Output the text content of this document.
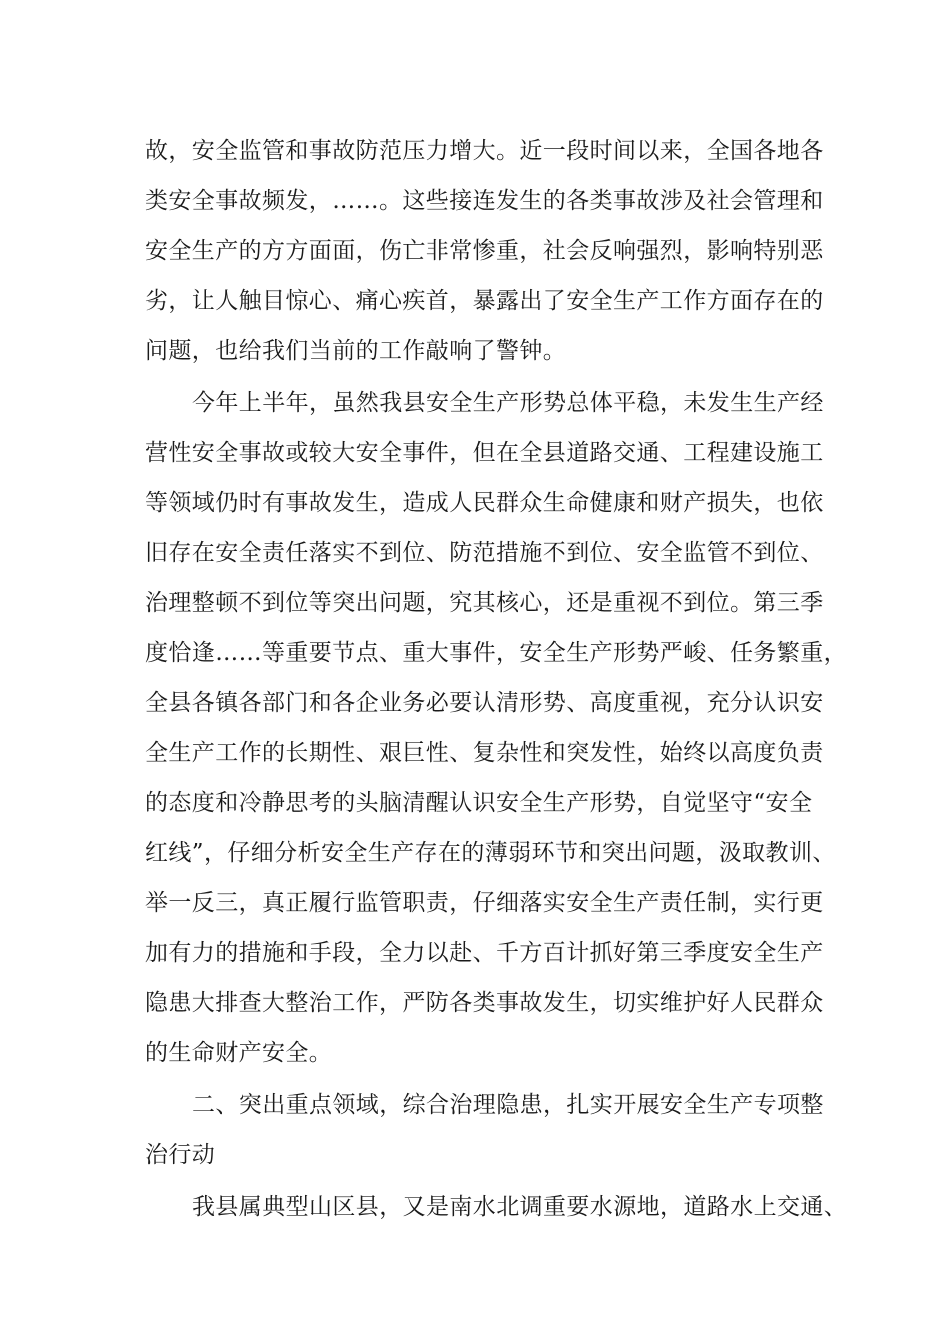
故，安全监管和事故防范压力增大。近一段时间以来，全国各地各
类安全事故频发，……。这些接连发生的各类事故涉及社会管理和
安全生产的方方面面，伤亡非常惨重，社会反响强烈，影响特别恶
劣，让人触目惊心、痛心疾首，暴露出了安全生产工作方面存在的
问题，也给我们当前的工作敲响了警钟。
今年上半年，虽然我县安全生产形势总体平稳，未发生生产经
营性安全事故或较大安全事件，但在全县道路交通、工程建设施工
等领域仍时有事故发生，造成人民群众生命健康和财产损失，也依
旧存在安全责任落实不到位、防范措施不到位、安全监管不到位、
治理整顿不到位等突出问题，究其核心，还是重视不到位。第三季
度恰逢……等重要节点、重大事件，安全生产形势严峻、任务繁重，
全县各镇各部门和各企业务必要认清形势、高度重视，充分认识安
全生产工作的长期性、艰巨性、复杂性和突发性，始终以高度负责
的态度和冷静思考的头脑清醒认识安全生产形势，自觉坚守“安全
红线”，仔细分析安全生产存在的薄弱环节和突出问题，汲取教训、
举一反三，真正履行监管职责，仔细落实安全生产责任制，实行更
加有力的措施和手段，全力以赴、千方百计抓好第三季度安全生产
隐患大排查大整治工作，严防各类事故发生，切实维护好人民群众
的生命财产安全。
二、突出重点领域，综合治理隐患，扎实开展安全生产专项整
治行动
我县属典型山区县，又是南水北调重要水源地，道路水上交通、
